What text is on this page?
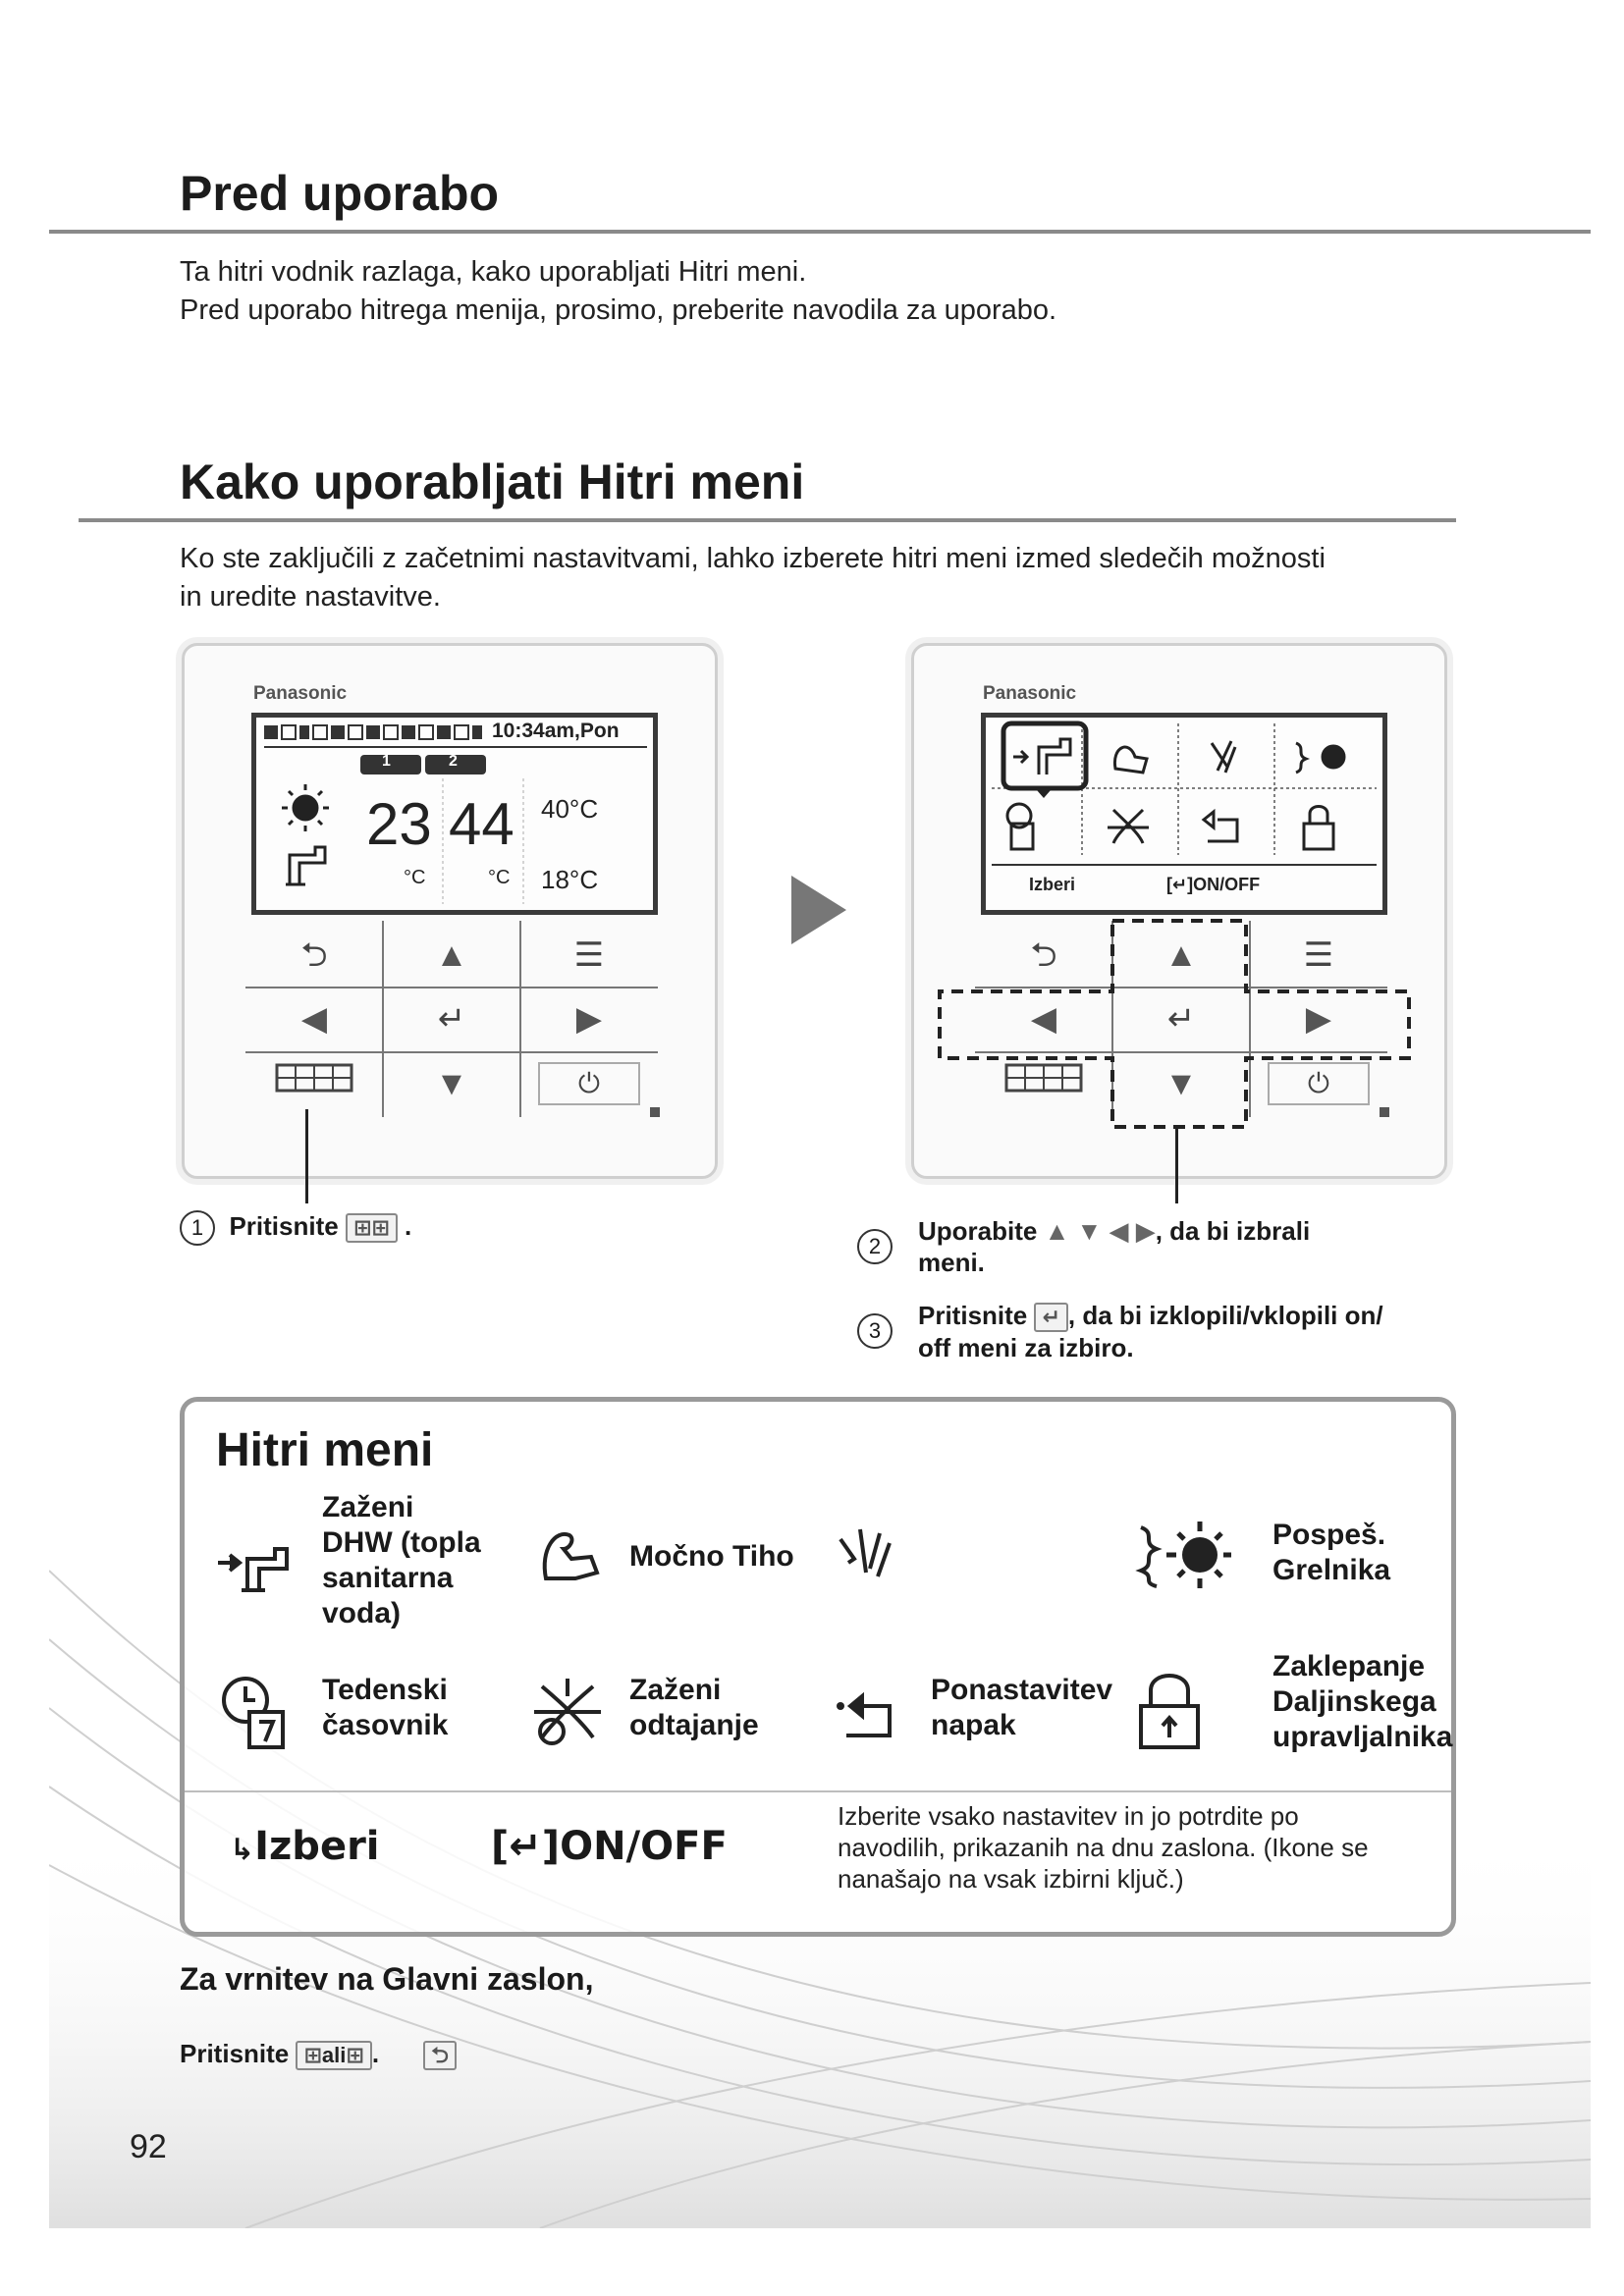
Pred uporabo
Ta hitri vodnik razlaga, kako uporabljati Hitri meni.
Pred uporabo hitrega menija, prosimo, preberite navodila za uporabo.
Kako uporabljati Hitri meni
Ko ste zaključili z začetnimi nastavitvami, lahko izberete hitri meni izmed sledečih možnosti
in uredite nastavitve.
Panasonic
10:34am,Pon
1	2
23 44 40°C
18°C
°C	°C
⮌	▲	☰
◀	↵	▶
▼	⏻
Panasonic
Izberi	[↵]ON/OFF
⮌	▲	☰
◀	↵	▶
▼	⏻
1 Pritisnite ⊞⊞ .
2
Uporabite ▲ ▼ ◀ ▶, da bi izbrali
meni.
3
Pritisnite ↵ , da bi izklopili/vklopili on/
off meni za izbiro.
Hitri meni
Zaženi
DHW (topla
sanitarna
voda)
Močno Tiho
Pospeš.
Grelnika
Tedenski
časovnik
Zaženi
odtajanje
Ponastavitev
napak
Zaklepanje
Daljinskega
upravljalnika
↳Izberi	[↵]ON/OFF
Izberite vsako nastavitev in jo potrdite po
navodilih, prikazanih na dnu zaslona. (Ikone se
nanašajo na vsak izbirni ključ.)
Za vrnitev na Glavni zaslon,
Pritisnite ⊞ali⊞ . ⮌
92
